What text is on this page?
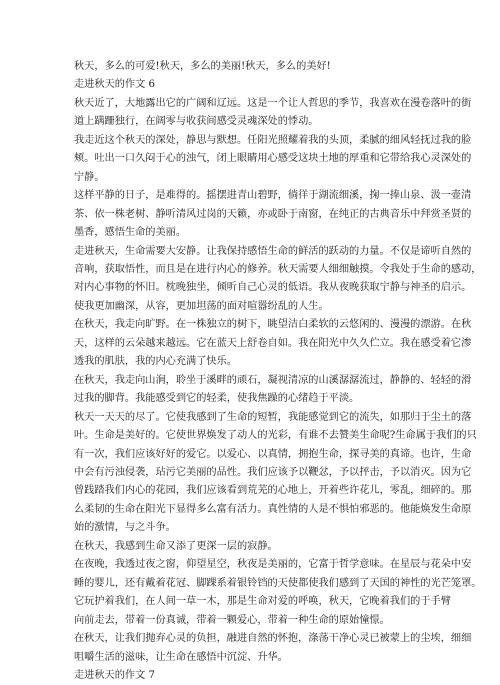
秋天，多么的可爱!秋天，多么的美丽!秋天，多么的美好!

走进秋天的作文 6

秋天近了，大地露出它的广阔和辽远。这是一个让人哲思的季节，我喜欢在漫卷落叶的街

道上蹒跚独行，在阔零与收获间感受灵魂深处的悸动。

我走近这个秋天的深处，静思与默想。任阳光照耀着我的头顶，柔腻的细风轻抚过我的脸

颊。吐出一口久闷于心的浊气，闭上眼睛用心感受这块土地的厚重和它带给我心灵深处的

宁静。

这样平静的日子，是难得的。摇摆进青山碧野，徜徉于湖流细溪，掬一捧山泉、汲一壶清

茶、依一株老树、静听清风过岗的天籁，亦或卧于南窗，在纯正的古典音乐中拜赏圣贤的

墨香，感悟生命的美丽。

走进秋天，生命需要大安静。让我保持感悟生命的鲜活的跃动的力量。不仅是谛听自然的

音响，获取悟性，而且是在进行内心的修养。秋天需要人细细触摸。令我处于生命的感动，

对内心事物的怀旧。枕晚独坐，倾听自己心灵的低语。我从夜晚获取宁静与神圣的启示。

使我更加幽深，从容，更加坦荡的面对喧嚣纷乱的人生。

在秋天，我走向旷野。在一株独立的树下，眺望洁白柔软的云悠闲的、漫漫的漂游。在秋

天，这样的云朵越来越远。它在蓝天上舒卷自如。我在阳光中久久伫立。我在感受着它渗

透我的肌肤，我的内心充满了快乐。

在秋天，我走向山涧，聆坐于溪畔的顽石，凝视清凉的山溪潺潺流过，静静的、轻轻的滑

过我的脚背。我能感受到它的轻柔，使我焦躁的心绪趋于平淡。

秋天一天天的尽了。它使我感到了生命的短暂，我能感觉到它的流失，如那归于尘土的落

叶。生命是美好的。它使世界焕发了动人的光彩，有谁不去赞美生命呢?生命属于我们的只

有一次，我们应该好好的爱它。以爱心、以真情，拥抱生命，探寻美的真谛。也许，生命

中会有污浊侵袭，玷污它美丽的品性。我们应该予以鞭忿，予以抨击，予以消灭。因为它

曾践踏我们内心的花园，我们应该看到荒芜的心地上，开着些许花儿，零乱，细碎的。那

么柔韧的生命在阳光下显得多么富有活力。真性情的人是不惧怕邪恶的。他能焕发生命原

始的激情，与之斗争。

在秋天，我感到生命又添了更深一层的寂静。

在夜晚，我透过夜之窗，仰望星空，秋夜是美丽的，它富于哲学意味。在星辰与花朵中安

睡的婴儿，还有戴着花冠、脚踝系着银铃铛的天使都使我们感到了天国的神性的光芒笼罩。

它玩护着我们，在人间一草一木，那是生命对爱的呼唤，秋天，它晚着我们的于手臂

向前走去，带着一份真诚，带着一颗爱心，带着一种生命的原始憧憬。

在秋天，让我们抛弃心灵的负担，融进自然的怀抱，涤荡干净心灵已被蒙上的尘埃，细细

咀嚼生活的滋味，让生命在感悟中沉淀、升华。

走进秋天的作文 7
